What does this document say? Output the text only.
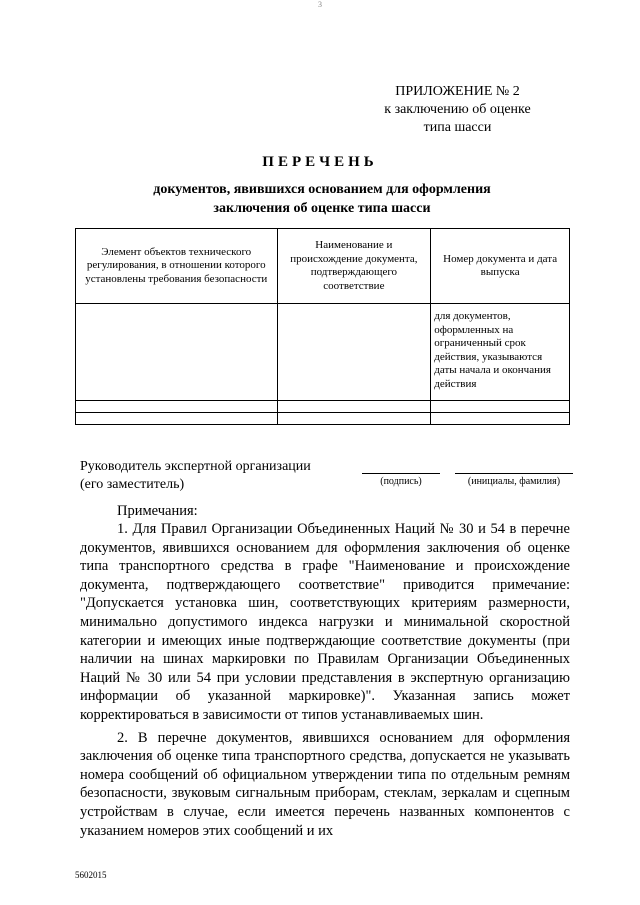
3
ПРИЛОЖЕНИЕ № 2
к заключению об оценке
типа шасси
ПЕРЕЧЕНЬ
документов, явившихся основанием для оформления
заключения об оценке типа шасси
Элемент объектов технического регулирования, в отношении которого установлены требования безопасности	Наименование и происхождение документа, подтверждающего соответствие	Номер документа и дата выпуска
		для документов, оформленных на ограниченный срок действия, указываются даты начала и окончания действия

Руководитель экспертной организации
(его заместитель)	(подпись)	(инициалы, фамилия)
Примечания:

1. Для Правил Организации Объединенных Наций № 30 и 54 в перечне документов, явившихся основанием для оформления заключения об оценке типа транспортного средства в графе "Наименование и происхождение документа, подтверждающего соответствие" приводится примечание: "Допускается установка шин, соответствующих критериям размерности, минимально допустимого индекса нагрузки и минимальной скоростной категории и имеющих иные подтверждающие соответствие документы (при наличии на шинах маркировки по Правилам Организации Объединенных Наций № 30 или 54 при условии представления в экспертную организацию информации об указанной маркировке)". Указанная запись может корректироваться в зависимости от типов устанавливаемых шин.

2. В перечне документов, явившихся основанием для оформления заключения об оценке типа транспортного средства, допускается не указывать номера сообщений об официальном утверждении типа по отдельным ремням безопасности, звуковым сигнальным приборам, стеклам, зеркалам и сцепным устройствам в случае, если имеется перечень названных компонентов с указанием номеров этих сообщений и их

5602015
